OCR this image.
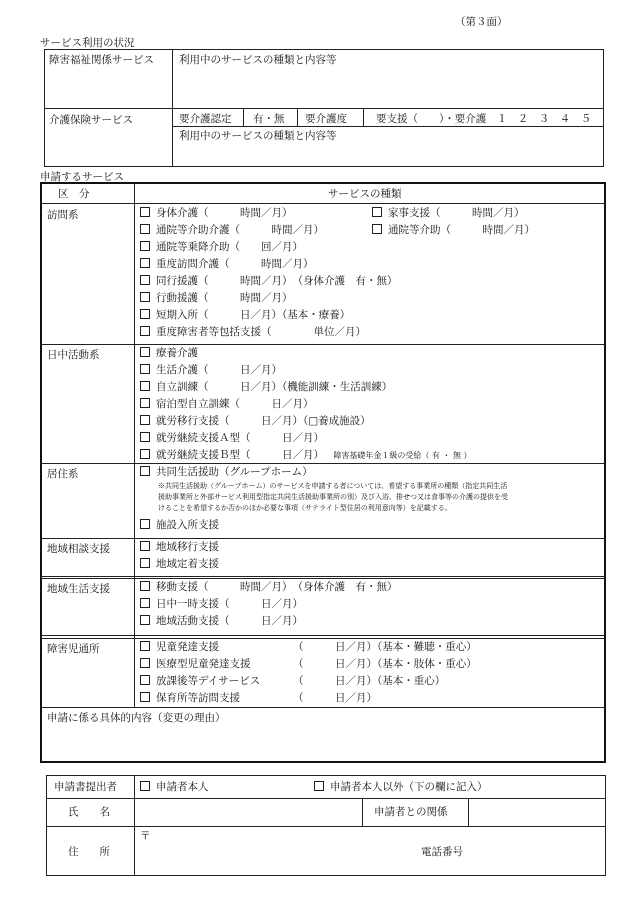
（第３面）
サービス利用の状況
障害福祉関係サービス 利用中のサービスの種類と内容等
介護保険サービス	要介護認定 有・無 要介護度	要支援（　　）・要介護　１　２　３　４　５
利用中のサービスの種類と内容等
申請するサービス
区　分	サービスの種類
訪問系	身体介護（　　　時間／月）	家事支援（　　　時間／月）
通院等介助介護（　　　時間／月）	通院等介助（　　　時間／月）
通院等乗降介助（　　回／月）
重度訪問介護（　　　時間／月）
同行援護（　　　時間／月）　（身体介護　有・無）
行動援護（　　　時間／月）
短期入所（　　　日／月）（基本・療養）
重度障害者等包括支援（　　　　単位／月）
日中活動系	療養介護
生活介護（　　　日／月）
自立訓練（　　　日／月）（機能訓練・生活訓練）
宿泊型自立訓練（　　　日／月）
就労移行支援（　　　日／月）（□養成施設）
就労継続支援Ａ型（　　　日／月）
就労継続支援Ｂ型（　　　日／月） 障害基礎年金１級の受給（ 有 ・ 無 ）
居住系	共同生活援助（グループホーム）
※共同生活援助（グループホーム）のサービスを申請する者については、希望する事業所の種類（指定共同生活
援助事業所と外部サービス利用型指定共同生活援助事業所の別）及び入浴、排せつ又は食事等の介護の提供を受
けることを希望するか否かのほか必要な事項（サテライト型住居の利用意向等）を記載する。
施設入所支援
地域相談支援	地域移行支援
地域定着支援
地域生活支援	移動支援（　　　時間／月）　（身体介護　有・無）
日中一時支援（　　　日／月）
地域活動支援（　　　日／月）
障害児通所	児童発達支援	（　　　日／月）（基本・難聴・重心）
医療型児童発達支援	（　　　日／月）（基本・肢体・重心）
放課後等デイサービス	（　　　日／月）（基本・重心）
保育所等訪問支援	（　　　日／月）
申請に係る具体的内容（変更の理由）
申請書提出者	申請者本人	申請者本人以外（下の欄に記入）
氏　　名	申請者との関係
住　　所
〒
電話番号
